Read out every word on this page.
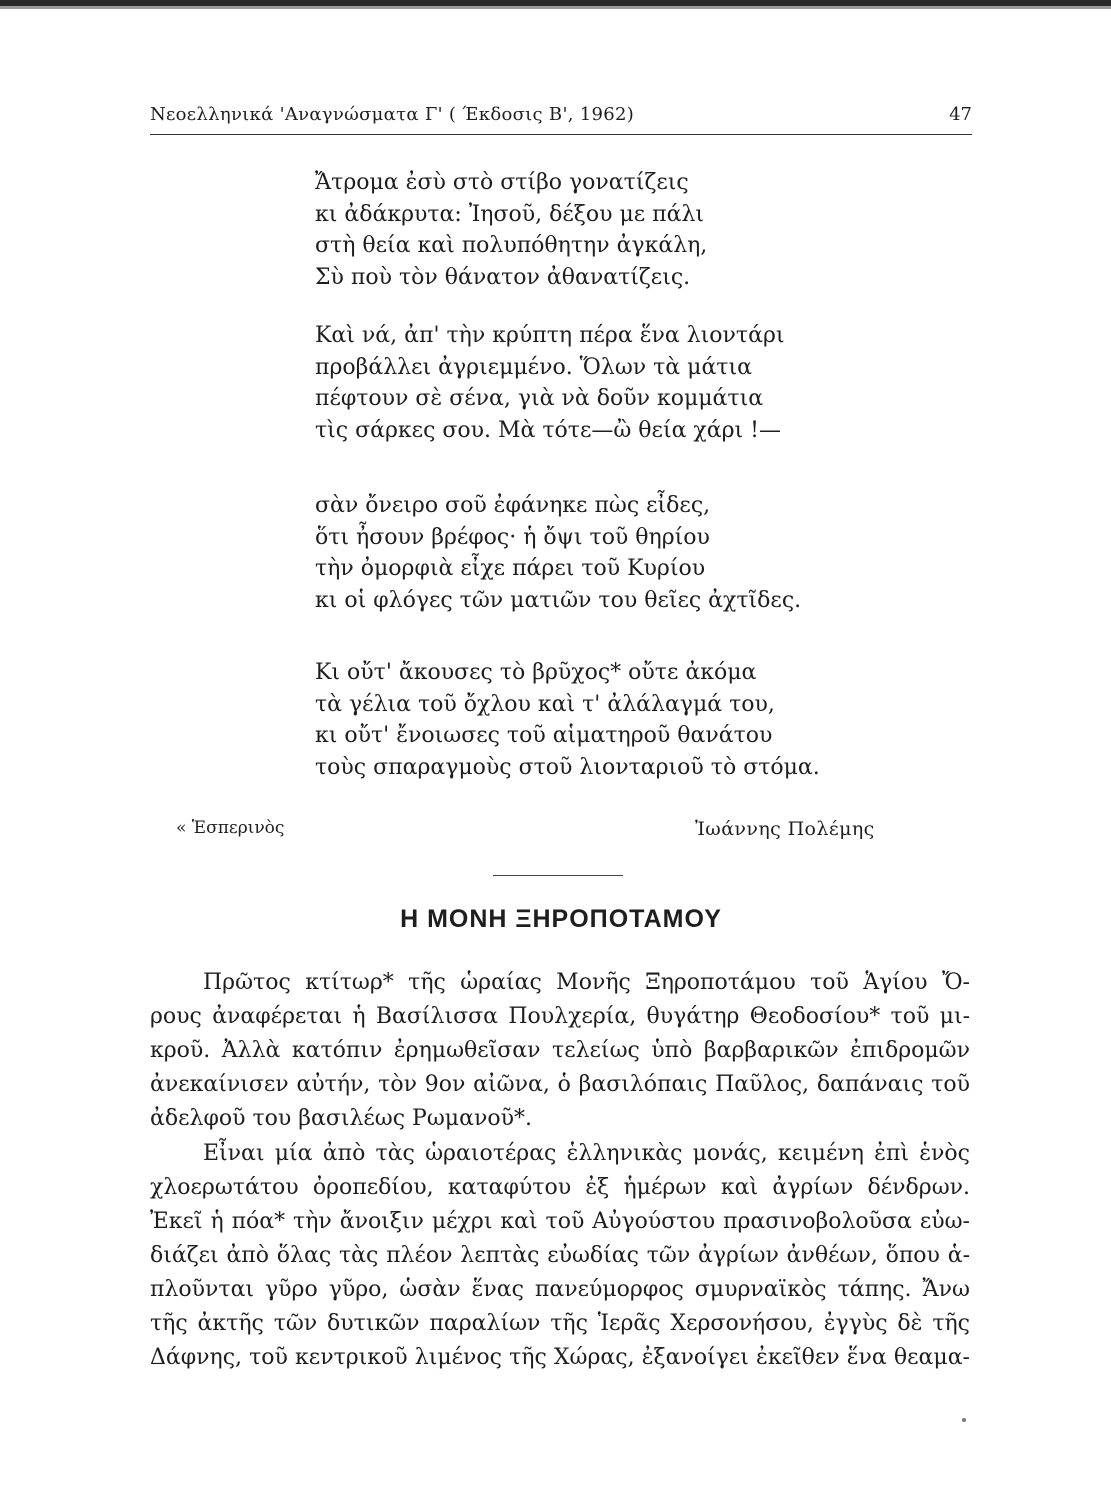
Νεοελληνικά 'Αναγνώσματα Γ' ( Έκδοσις Β', 1962)	47
Ἄτρομα ἐσὺ στὸ στίβο γονατίζεις
κι ἀδάκρυτα: Ἰησοῦ, δέξου με πάλι
στὴ θεία καὶ πολυπόθητην ἀγκάλη,
Σὺ ποὺ τὸν θάνατον ἀθανατίζεις.
Καὶ νά, ἀπ' τὴν κρύπτη πέρα ἕνα λιοντάρι
προβάλλει ἀγριεμμένο. Ὅλων τὰ μάτια
πέφτουν σὲ σένα, γιὰ νὰ δοῦν κομμάτια
τὶς σάρκες σου. Μὰ τότε—ὢ θεία χάρι !—
σὰν ὄνειρο σοῦ ἐφάνηκε πὼς εἶδες,
ὅτι ἦσουν βρέφος· ἡ ὄψι τοῦ θηρίου
τὴν ὀμορφιὰ εἶχε πάρει τοῦ Κυρίου
κι οἱ φλόγες τῶν ματιῶν του θεῖες ἀχτῖδες.
Κι οὔτ' ἄκουσες τὸ βρῦχος* οὔτε ἀκόμα
τὰ γέλια τοῦ ὄχλου καὶ τ' ἀλάλαγμά του,
κι οὔτ' ἔνοιωσες τοῦ αἱματηροῦ θανάτου
τοὺς σπαραγμοὺς στοῦ λιονταριοῦ τὸ στόμα.
« Ἑσπερινὸς	Ἰωάννης Πολέμης
Η ΜΟΝΗ ΞΗΡΟΠΟΤΑΜΟΥ
Πρῶτος κτίτωρ* τῆς ὡραίας Μονῆς Ξηροποτάμου τοῦ Ἁγίου Ὄ-
ρους ἀναφέρεται ἡ Βασίλισσα Πουλχερία, θυγάτηρ Θεοδοσίου* τοῦ μι-
κροῦ. Ἀλλὰ κατόπιν ἐρημωθεῖσαν τελείως ὑπὸ βαρβαρικῶν ἐπιδρομῶν
ἀνεκαίνισεν αὐτήν, τὸν 9ον αἰῶνα, ὁ βασιλόπαις Παῦλος, δαπάναις τοῦ
ἀδελφοῦ του βασιλέως Ρωμανοῦ*.
Εἶναι μία ἀπὸ τὰς ὡραιοτέρας ἑλληνικὰς μονάς, κειμένη ἐπὶ ἑνὸς
χλοερωτάτου ὀροπεδίου, καταφύτου ἐξ ἡμέρων καὶ ἀγρίων δένδρων.
Ἐκεῖ ἡ πόα* τὴν ἄνοιξιν μέχρι καὶ τοῦ Αὐγούστου πρασινοβολοῦσα εὐω-
διάζει ἀπὸ ὅλας τὰς πλέον λεπτὰς εὐωδίας τῶν ἀγρίων ἀνθέων, ὅπου ἁ-
πλοῦνται γῦρο γῦρο, ὡσὰν ἕνας πανεύμορφος σμυρναϊκὸς τάπης. Ἄνω
τῆς ἀκτῆς τῶν δυτικῶν παραλίων τῆς Ἱερᾶς Χερσονήσου, ἐγγὺς δὲ τῆς
Δάφνης, τοῦ κεντρικοῦ λιμένος τῆς Χώρας, ἐξανοίγει ἐκεῖθεν ἕνα θεαμα-
